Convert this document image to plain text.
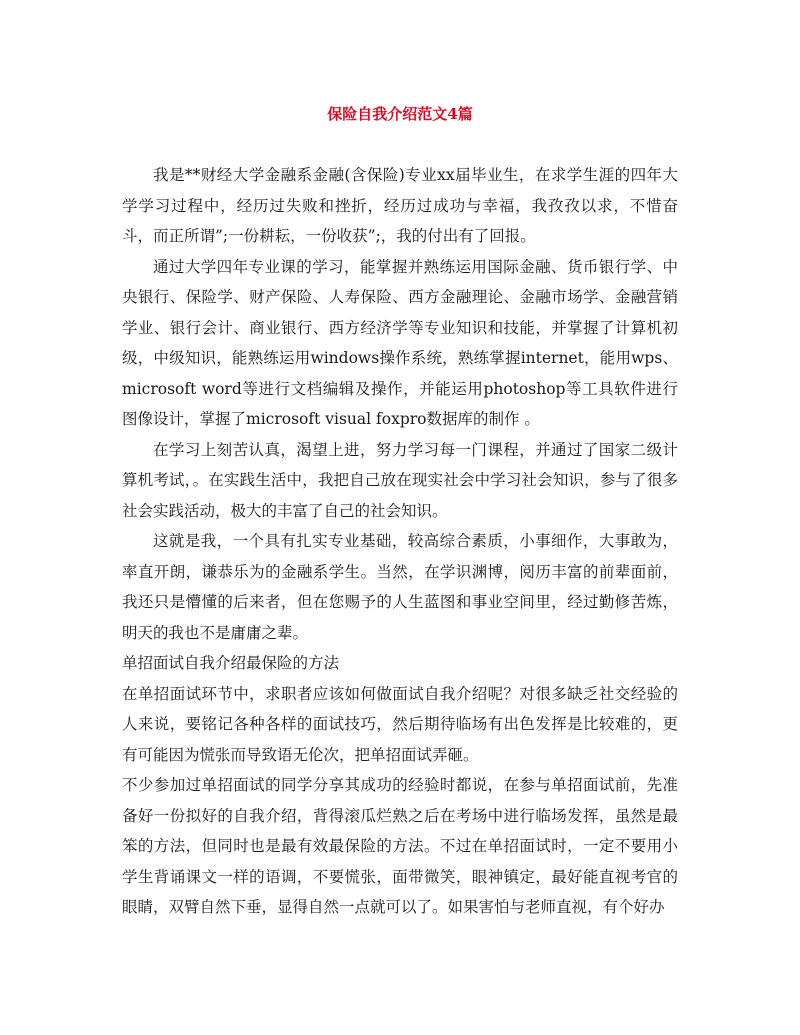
保险自我介绍范文4篇

我是**财经大学金融系金融(含保险)专业xx届毕业生，在求学生涯的四年大学学习过程中，经历过失败和挫折，经历过成功与幸福，我孜孜以求，不惜奋斗，而正所谓”;一份耕耘，一份收获”;，我的付出有了回报。

通过大学四年专业课的学习，能掌握并熟练运用国际金融、货币银行学、中央银行、保险学、财产保险、人寿保险、西方金融理论、金融市场学、金融营销学业、银行会计、商业银行、西方经济学等专业知识和技能，并掌握了计算机初级，中级知识，能熟练运用windows操作系统，熟练掌握internet，能用wps、microsoft word等进行文档编辑及操作，并能运用photoshop等工具软件进行图像设计，掌握了microsoft visual foxpro数据库的制作 。

在学习上刻苦认真，渴望上进，努力学习每一门课程，并通过了国家二级计算机考试，。在实践生活中，我把自己放在现实社会中学习社会知识，参与了很多社会实践活动，极大的丰富了自己的社会知识。

这就是我，一个具有扎实专业基础，较高综合素质，小事细作，大事敢为，率直开朗，谦恭乐为的金融系学生。当然，在学识渊博，阅历丰富的前辈面前，我还只是懵懂的后来者，但在您赐予的人生蓝图和事业空间里，经过勤修苦炼，明天的我也不是庸庸之辈。

单招面试自我介绍最保险的方法

在单招面试环节中，求职者应该如何做面试自我介绍呢？对很多缺乏社交经验的人来说，要铭记各种各样的面试技巧，然后期待临场有出色发挥是比较难的，更有可能因为慌张而导致语无伦次，把单招面试弄砸。

不少参加过单招面试的同学分享其成功的经验时都说，在参与单招面试前，先准备好一份拟好的自我介绍，背得滚瓜烂熟之后在考场中进行临场发挥，虽然是最笨的方法，但同时也是最有效最保险的方法。不过在单招面试时，一定不要用小学生背诵课文一样的语调，不要慌张，面带微笑，眼神镇定，最好能直视考官的眼睛，双臂自然下垂，显得自然一点就可以了。如果害怕与老师直视，有个好办
